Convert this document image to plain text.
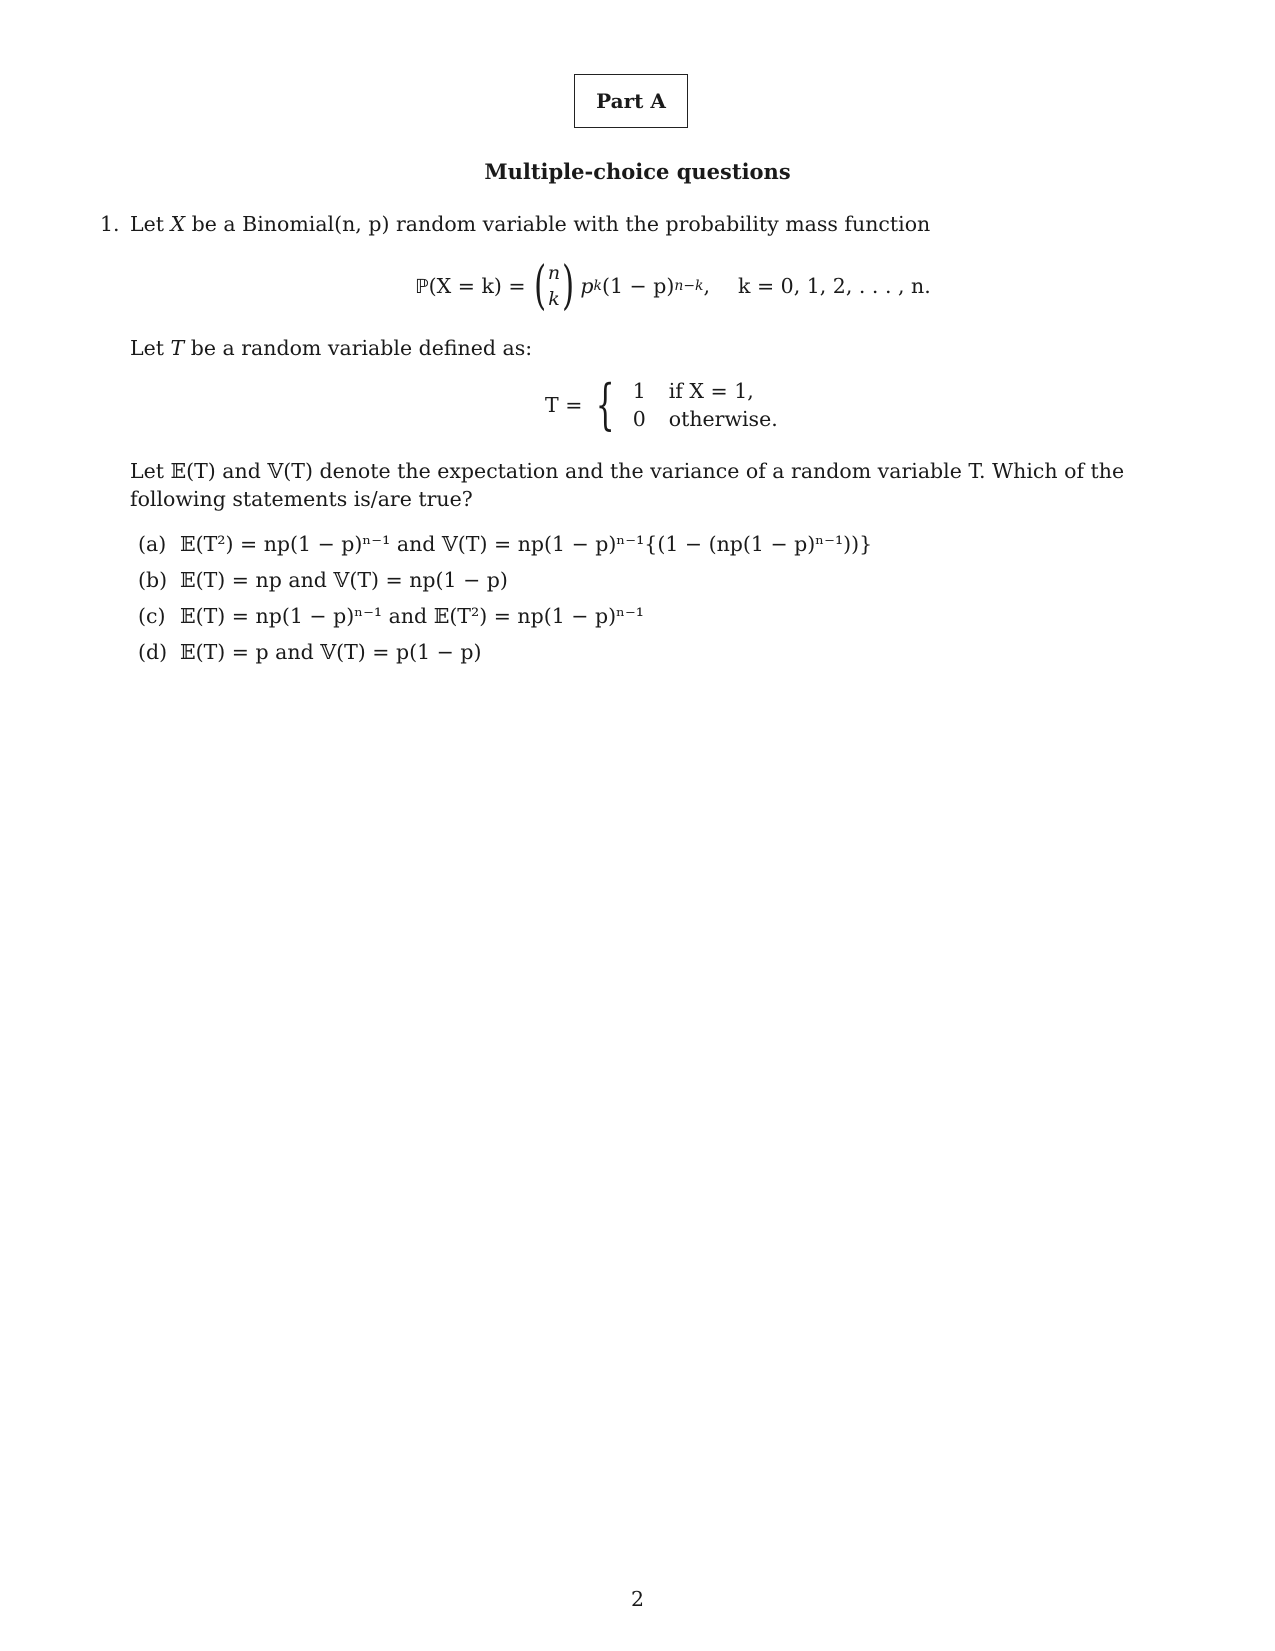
Part A
Multiple-choice questions
1. Let X be a Binomial(n, p) random variable with the probability mass function
ℙ (X = k) = ( n
k ) p k (1 − p) n−k , k = 0, 1, 2, . . . , n.
Let T be a random variable defined as:
T = { 1	if X = 1,
0	otherwise.
Let 𝔼(T) and 𝕍(T) denote the expectation and the variance of a random variable T. Which of the following statements is/are true?
(a) 𝔼(T²) = np(1 − p)ⁿ⁻¹ and 𝕍(T) = np(1 − p)ⁿ⁻¹{(1 − (np(1 − p)ⁿ⁻¹))}
(b) 𝔼(T) = np and 𝕍(T) = np(1 − p)
(c) 𝔼(T) = np(1 − p)ⁿ⁻¹ and 𝔼(T²) = np(1 − p)ⁿ⁻¹
(d) 𝔼(T) = p and 𝕍(T) = p(1 − p)
2
